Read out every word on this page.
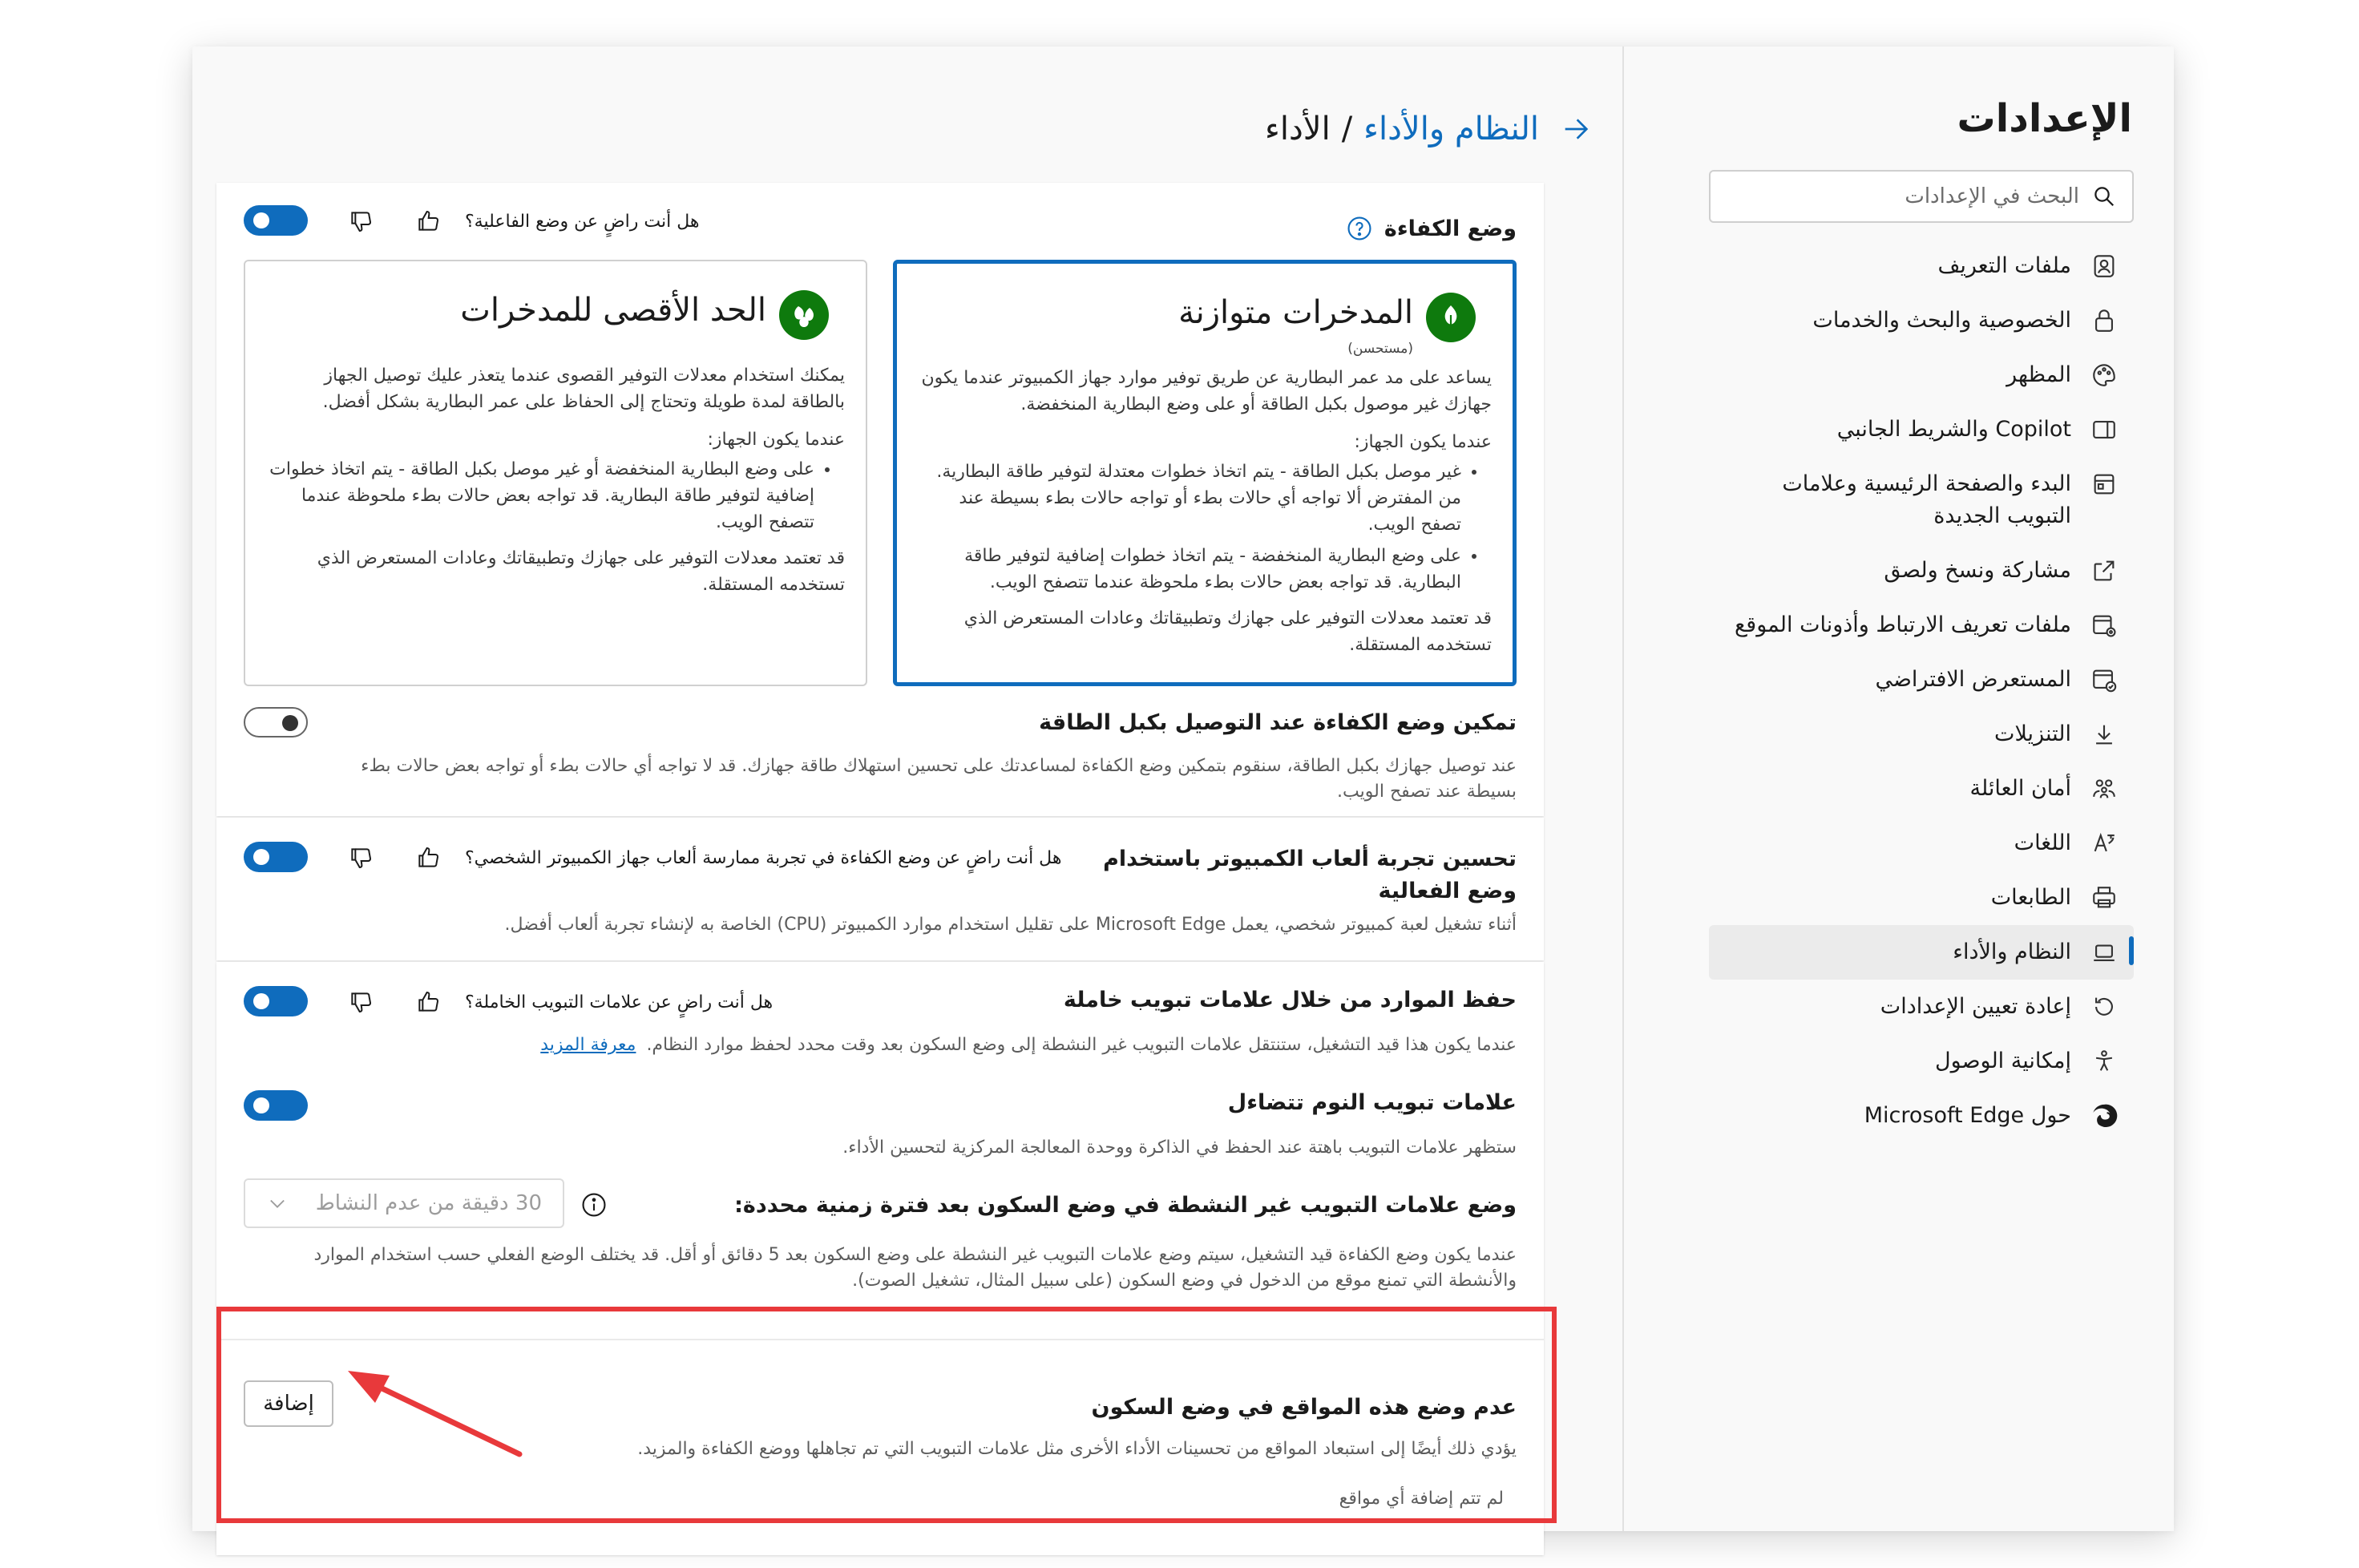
الإعدادات
البحث في الإعدادات
ملفات التعريف
الخصوصية والبحث والخدمات
المظهر
Copilot والشريط الجانبي
البدء والصفحة الرئيسية وعلامات التبويب الجديدة
مشاركة ونسخ ولصق
ملفات تعريف الارتباط وأذونات الموقع
المستعرض الافتراضي
التنزيلات
أمان العائلة
اللغات
الطابعات
النظام والأداء
إعادة تعيين الإعدادات
إمكانية الوصول
حول Microsoft Edge
النظام والأداء
/
الأداء
وضع الكفاءة
هل أنت راضٍ عن وضع الفاعلية؟
المدخرات متوازنة
(مستحسن)
يساعد على مد عمر البطارية عن طريق توفير موارد جهاز الكمبيوتر عندما يكون جهازك غير موصول بكبل الطاقة أو على وضع البطارية المنخفضة.
عندما يكون الجهاز:
• غير موصل بكبل الطاقة - يتم اتخاذ خطوات معتدلة لتوفير طاقة البطارية. من المفترض ألا تواجه أي حالات بطء أو تواجه حالات بطء بسيطة عند تصفح الويب.
• على وضع البطارية المنخفضة - يتم اتخاذ خطوات إضافية لتوفير طاقة البطارية. قد تواجه بعض حالات بطء ملحوظة عندما تتصفح الويب.
قد تعتمد معدلات التوفير على جهازك وتطبيقاتك وعادات المستعرض الذي تستخدمه المستقلة.
الحد الأقصى للمدخرات
يمكنك استخدام معدلات التوفير القصوى عندما يتعذر عليك توصيل الجهاز بالطاقة لمدة طويلة وتحتاج إلى الحفاظ على عمر البطارية بشكل أفضل.
عندما يكون الجهاز:
• على وضع البطارية المنخفضة أو غير موصل بكبل الطاقة - يتم اتخاذ خطوات إضافية لتوفير طاقة البطارية. قد تواجه بعض حالات بطء ملحوظة عندما تتصفح الويب.
قد تعتمد معدلات التوفير على جهازك وتطبيقاتك وعادات المستعرض الذي تستخدمه المستقلة.
تمكين وضع الكفاءة عند التوصيل بكبل الطاقة
عند توصيل جهازك بكبل الطاقة، سنقوم بتمكين وضع الكفاءة لمساعدتك على تحسين استهلاك طاقة جهازك. قد لا تواجه أي حالات بطء أو تواجه بعض حالات بطء بسيطة عند تصفح الويب.
تحسين تجربة ألعاب الكمبيوتر باستخدام وضع الفعالية
هل أنت راضٍ عن وضع الكفاءة في تجربة ممارسة ألعاب جهاز الكمبيوتر الشخصي؟
أثناء تشغيل لعبة كمبيوتر شخصي، يعمل Microsoft Edge على تقليل استخدام موارد الكمبيوتر (CPU) الخاصة به لإنشاء تجربة ألعاب أفضل.
حفظ الموارد من خلال علامات تبويب خاملة
هل أنت راضٍ عن علامات التبويب الخاملة؟
عندما يكون هذا قيد التشغيل، ستنتقل علامات التبويب غير النشطة إلى وضع السكون بعد وقت محدد لحفظ موارد النظام. معرفة المزيد
علامات تبويب النوم تتضاءل
ستظهر علامات التبويب باهتة عند الحفظ في الذاكرة ووحدة المعالجة المركزية لتحسين الأداء.
وضع علامات التبويب غير النشطة في وضع السكون بعد فترة زمنية محددة:
30 دقيقة من عدم النشاط
عندما يكون وضع الكفاءة قيد التشغيل، سيتم وضع علامات التبويب غير النشطة على وضع السكون بعد 5 دقائق أو أقل. قد يختلف الوضع الفعلي حسب استخدام الموارد والأنشطة التي تمنع موقع من الدخول في وضع السكون (على سبيل المثال، تشغيل الصوت).
عدم وضع هذه المواقع في وضع السكون
إضافة
يؤدي ذلك أيضًا إلى استبعاد المواقع من تحسينات الأداء الأخرى مثل علامات التبويب التي تم تجاهلها ووضع الكفاءة والمزيد.
لم تتم إضافة أي مواقع
